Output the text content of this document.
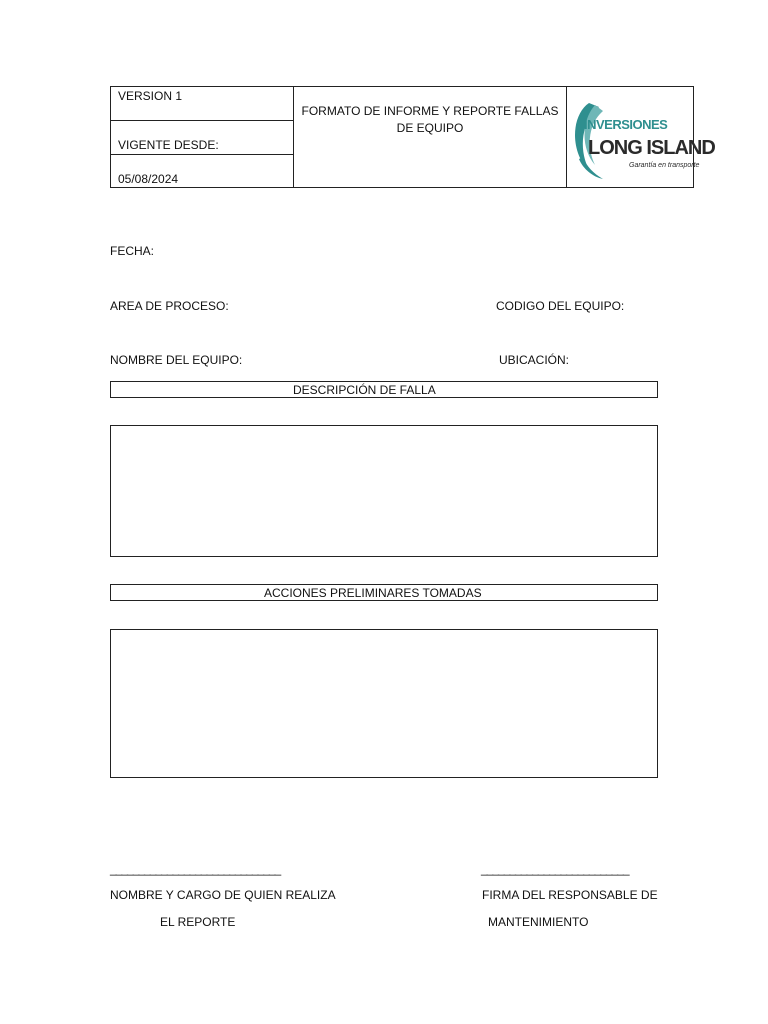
VERSION 1
VIGENTE DESDE:
05/08/2024
FORMATO DE INFORME Y REPORTE FALLAS DE EQUIPO	INVERSIONES
LONG ISLAND
Garantía en transporte
FECHA:
AREA DE PROCESO:	CODIGO DEL EQUIPO:
NOMBRE DEL EQUIPO:	UBICACIÓN:
DESCRIPCIÓN DE FALLA
ACCIONES PRELIMINARES TOMADAS
______________________________	__________________________
NOMBRE Y CARGO DE QUIEN REALIZA
EL REPORTE
FIRMA DEL RESPONSABLE DE
MANTENIMIENTO
